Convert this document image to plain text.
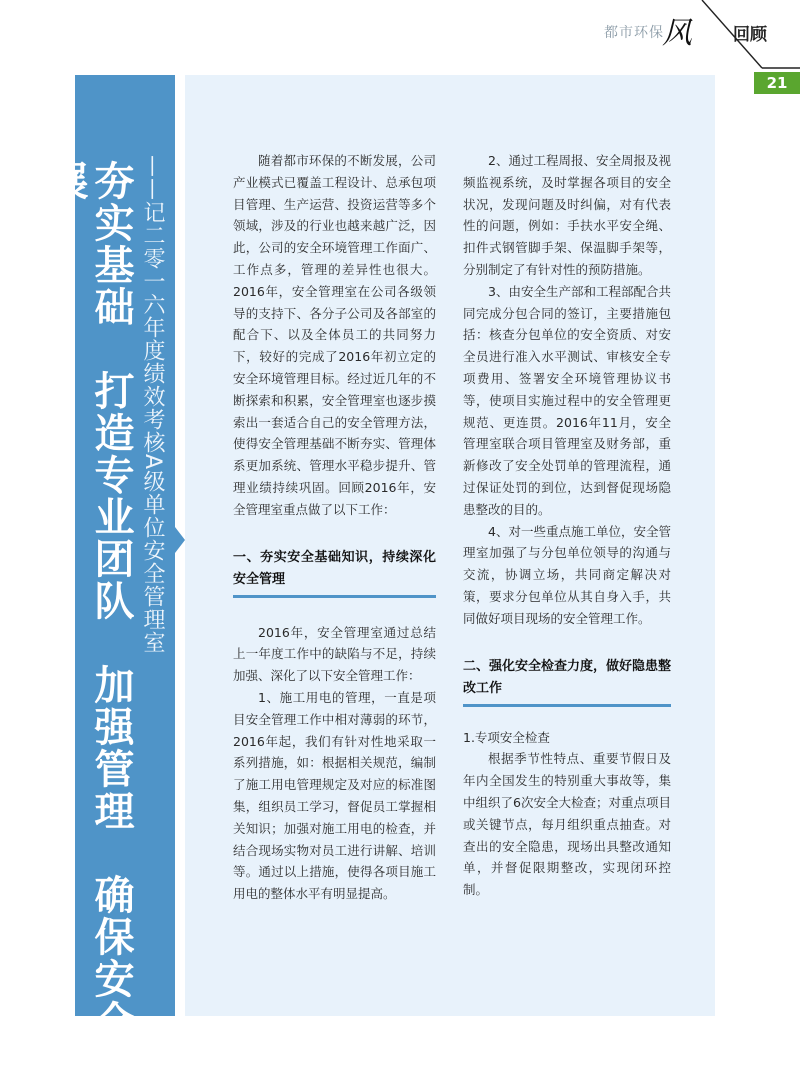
都市环保
风 回顾
21
夯实基础　打造专业团队　加强管理　确保安全发展	——记二零一六年度绩效考核A级单位安全管理室	随着都市环保的不断发展，公司产业模式已覆盖工程设计、总承包项目管理、生产运营、投资运营等多个领域，涉及的行业也越来越广泛，因此，公司的安全环境管理工作面广、工作点多，管理的差异性也很大。2016年，安全管理室在公司各级领导的支持下、各分子公司及各部室的配合下、以及全体员工的共同努力下，较好的完成了2016年初立定的安全环境管理目标。经过近几年的不断探索和积累，安全管理室也逐步摸索出一套适合自己的安全管理方法，使得安全管理基础不断夯实、管理体系更加系统、管理水平稳步提升、管理业绩持续巩固。回顾2016年，安全管理室重点做了以下工作：

一、夯实安全基础知识，持续深化安全管理

2016年，安全管理室通过总结上一年度工作中的缺陷与不足，持续加强、深化了以下安全管理工作：

1、施工用电的管理，一直是项目安全管理工作中相对薄弱的环节，2016年起，我们有针对性地采取一系列措施，如：根据相关规范，编制了施工用电管理规定及对应的标准图集，组织员工学习，督促员工掌握相关知识；加强对施工用电的检查，并结合现场实物对员工进行讲解、培训等。通过以上措施，使得各项目施工用电的整体水平有明显提高。

2、通过工程周报、安全周报及视频监视系统，及时掌握各项目的安全状况，发现问题及时纠偏，对有代表性的问题，例如：手扶水平安全绳、扣件式钢管脚手架、保温脚手架等，分别制定了有针对性的预防措施。

3、由安全生产部和工程部配合共同完成分包合同的签订，主要措施包括：核查分包单位的安全资质、对安全员进行准入水平测试、审核安全专项费用、签署安全环境管理协议书等，使项目实施过程中的安全管理更规范、更连贯。2016年11月，安全管理室联合项目管理室及财务部，重新修改了安全处罚单的管理流程，通过保证处罚的到位，达到督促现场隐患整改的目的。

4、对一些重点施工单位，安全管理室加强了与分包单位领导的沟通与交流，协调立场，共同商定解决对策，要求分包单位从其自身入手，共同做好项目现场的安全管理工作。

二、强化安全检查力度，做好隐患整改工作

1.专项安全检查

根据季节性特点、重要节假日及年内全国发生的特别重大事故等，集中组织了6次安全大检查；对重点项目或关键节点，每月组织重点抽查。对查出的安全隐患，现场出具整改通知单，并督促限期整改，实现闭环控制。
